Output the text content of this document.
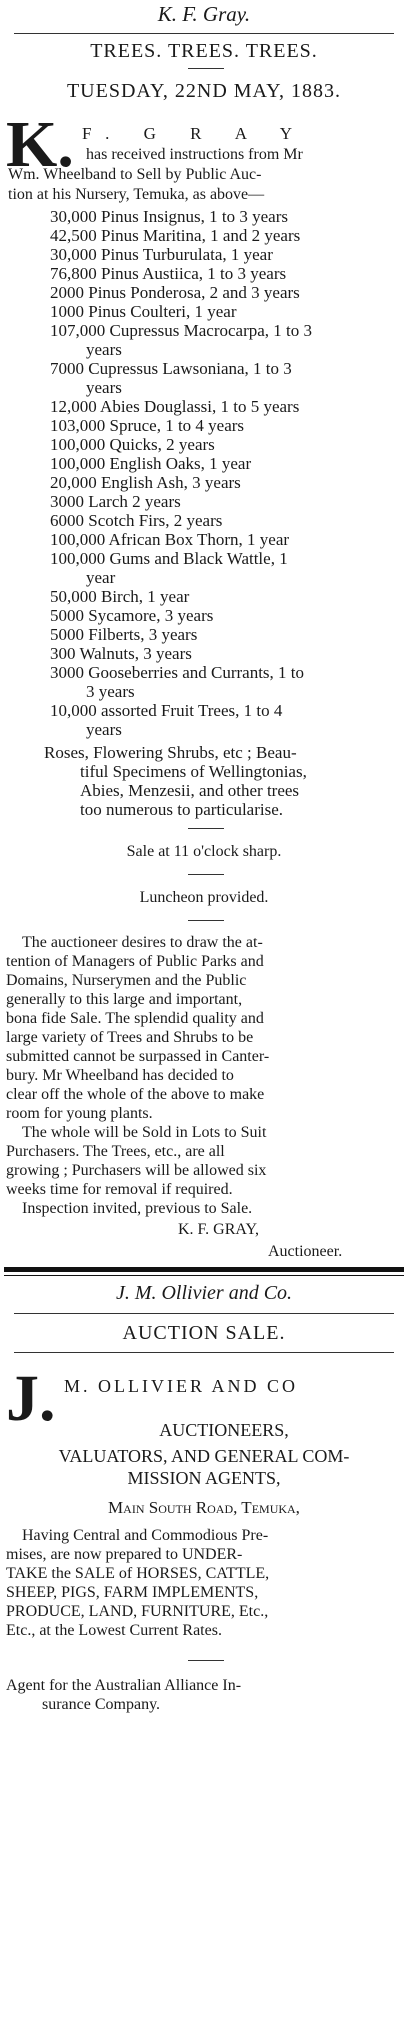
K. F. Gray.
TREES. TREES. TREES.
TUESDAY, 22ND MAY, 1883.
K. F. G R A Y
has received instructions from Mr
Wm. Wheelband to Sell by Public Auc-
tion at his Nursery, Temuka, as above—
30,000 Pinus Insignus, 1 to 3 years
42,500 Pinus Maritina, 1 and 2 years
30,000 Pinus Turburulata, 1 year
76,800 Pinus Austiica, 1 to 3 years
2000 Pinus Ponderosa, 2 and 3 years
1000 Pinus Coulteri, 1 year
107,000 Cupressus Macrocarpa, 1 to 3
years
7000 Cupressus Lawsoniana, 1 to 3
years
12,000 Abies Douglassi, 1 to 5 years
103,000 Spruce, 1 to 4 years
100,000 Quicks, 2 years
100,000 English Oaks, 1 year
20,000 English Ash, 3 years
3000 Larch 2 years
6000 Scotch Firs, 2 years
100,000 African Box Thorn, 1 year
100,000 Gums and Black Wattle, 1
year
50,000 Birch, 1 year
5000 Sycamore, 3 years
5000 Filberts, 3 years
300 Walnuts, 3 years
3000 Gooseberries and Currants, 1 to
3 years
10,000 assorted Fruit Trees, 1 to 4
years
Roses, Flowering Shrubs, etc ; Beau-
tiful Specimens of Wellingtonias,
Abies, Menzesii, and other trees
too numerous to particularise.
Sale at 11 o'clock sharp.
Luncheon provided.
The auctioneer desires to draw the at-
tention of Managers of Public Parks and
Domains, Nurserymen and the Public
generally to this large and important,
bona fide Sale. The splendid quality and
large variety of Trees and Shrubs to be
submitted cannot be surpassed in Canter-
bury. Mr Wheelband has decided to
clear off the whole of the above to make
room for young plants.
The whole will be Sold in Lots to Suit
Purchasers. The Trees, etc., are all
growing ; Purchasers will be allowed six
weeks time for removal if required.
Inspection invited, previous to Sale.
K. F. GRAY,
Auctioneer.
J. M. Ollivier and Co.
AUCTION SALE.
J. M. OLLIVIER AND CO
AUCTIONEERS,
VALUATORS, AND GENERAL COM-
MISSION AGENTS,
Main South Road, Temuka,
Having Central and Commodious Pre-
mises, are now prepared to UNDER-
TAKE the SALE of HORSES, CATTLE,
SHEEP, PIGS, FARM IMPLEMENTS,
PRODUCE, LAND, FURNITURE, Etc.,
Etc., at the Lowest Current Rates.
Agent for the Australian Alliance In-
surance Company.
